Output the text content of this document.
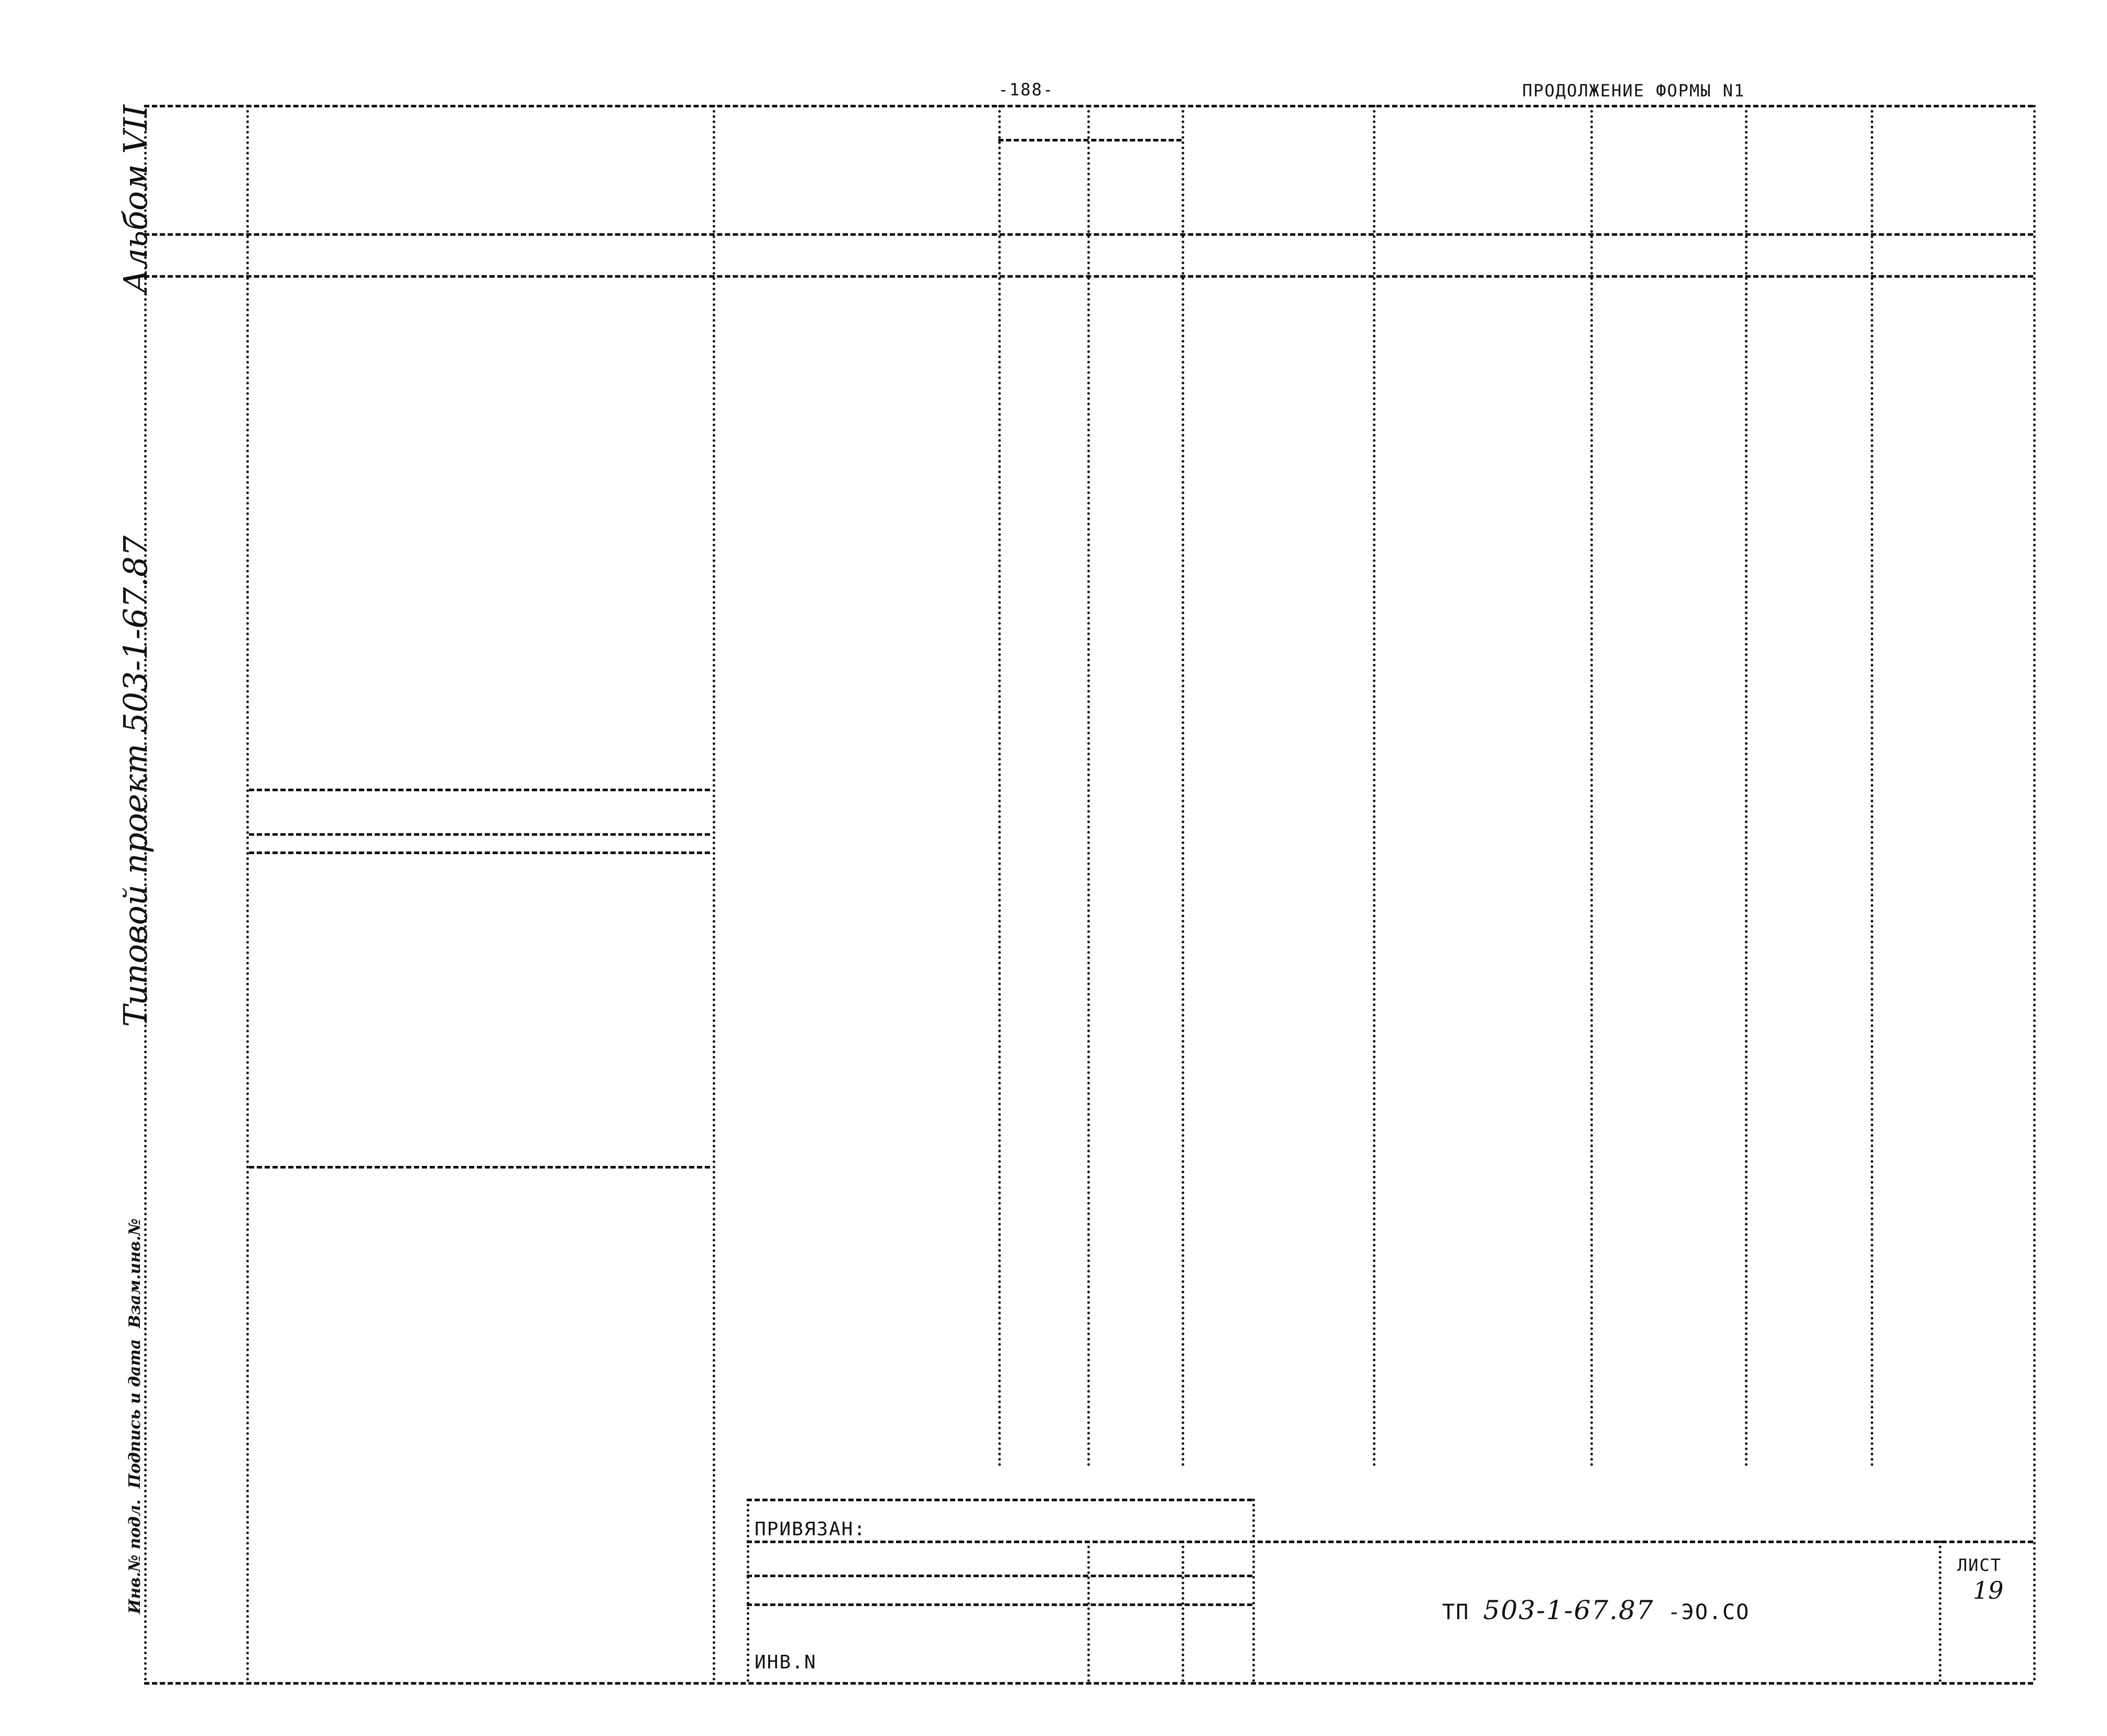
-188-	ПРОДОЛЖЕНИЕ ФОРМЫ N1
Альбом VII
Типовой проект 503-1-67.87
Инв.№ подл.  Подпись и дата  Взам.инв.№	ПРИВЯЗАН:
ИНВ.N

ТП 503-1-67.87 -ЭО.СО

ЛИСТ
19
